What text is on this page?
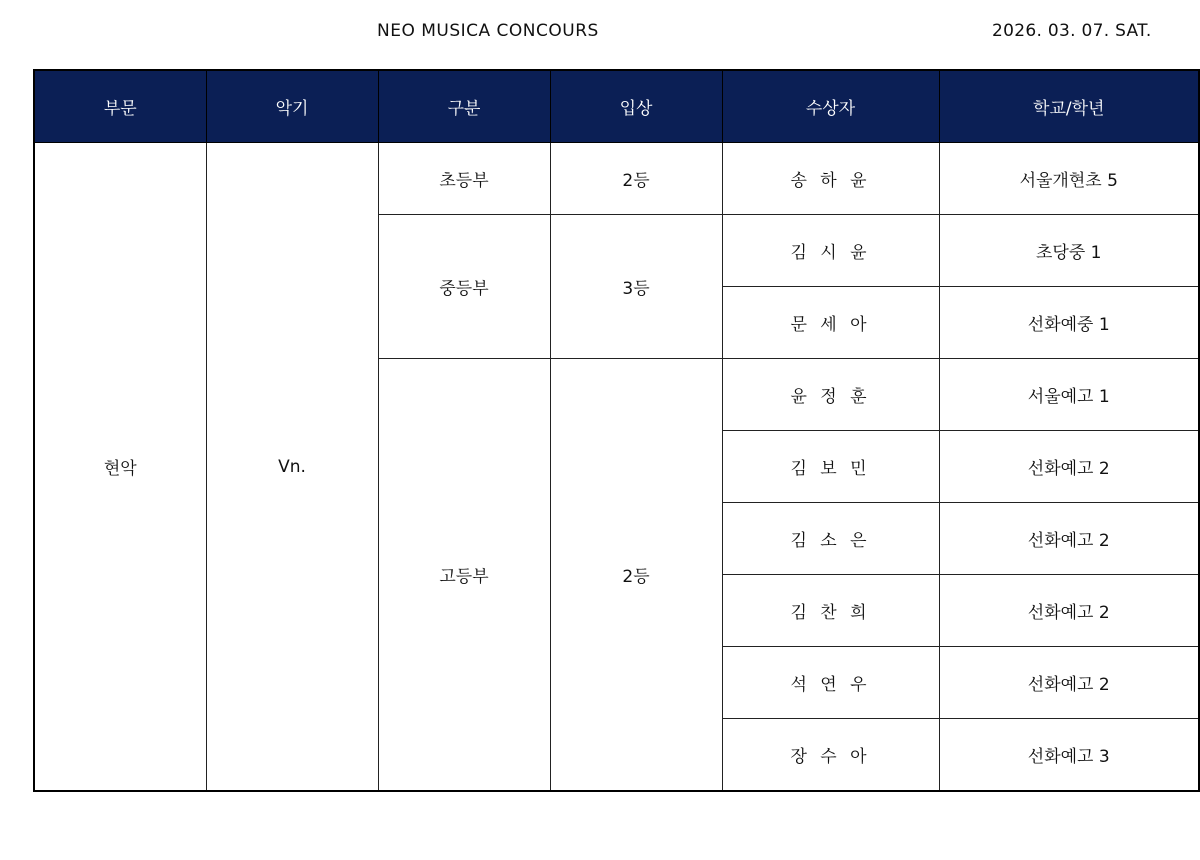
NEO MUSICA CONCOURS	2026. 03. 07. SAT.
부문	악기	구분	입상	수상자	학교/학년
현악	Vn.	초등부	2등	송 하 윤	서울개현초 5
		중등부	3등	김 시 윤	초당중 1
				문 세 아	선화예중 1
		고등부	2등	윤 정 훈	서울예고 1
				김 보 민	선화예고 2
				김 소 은	선화예고 2
				김 찬 희	선화예고 2
				석 연 우	선화예고 2
				장 수 아	선화예고 3
